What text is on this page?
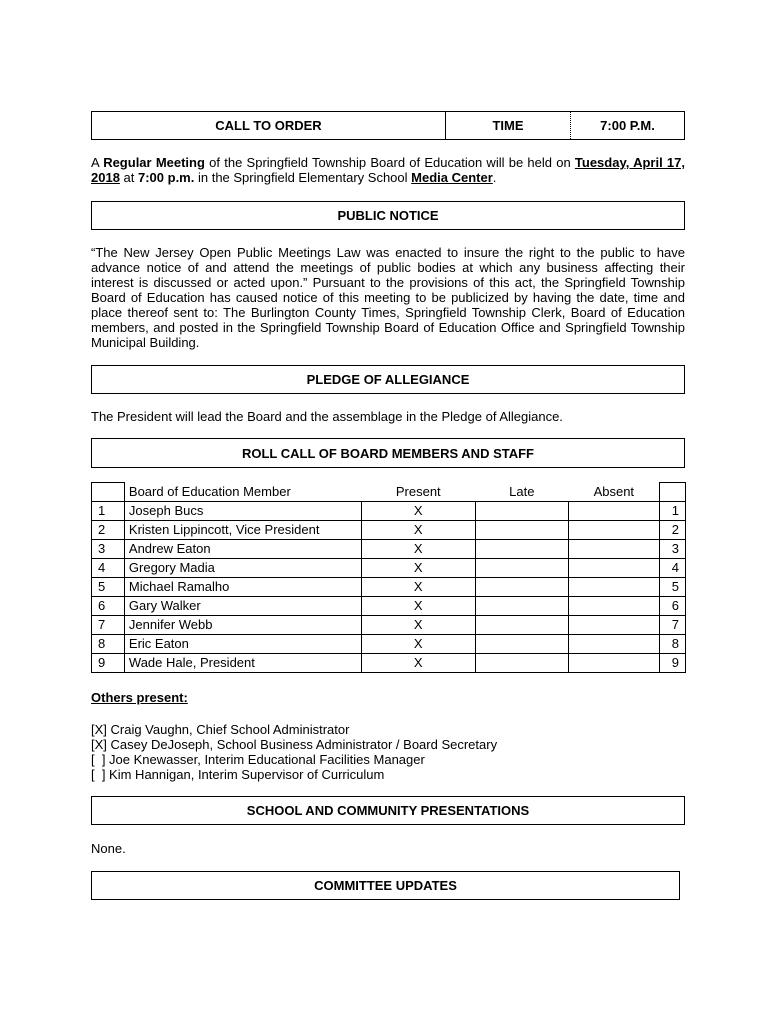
CALL TO ORDER	TIME	7:00 P.M.
A Regular Meeting of the Springfield Township Board of Education will be held on Tuesday, April 17, 2018 at 7:00 p.m. in the Springfield Elementary School Media Center.
PUBLIC NOTICE
“The New Jersey Open Public Meetings Law was enacted to insure the right to the public to have advance notice of and attend the meetings of public bodies at which any business affecting their interest is discussed or acted upon.” Pursuant to the provisions of this act, the Springfield Township Board of Education has caused notice of this meeting to be publicized by having the date, time and place thereof sent to: The Burlington County Times, Springfield Township Clerk, Board of Education members, and posted in the Springfield Township Board of Education Office and Springfield Township Municipal Building.
PLEDGE OF ALLEGIANCE
The President will lead the Board and the assemblage in the Pledge of Allegiance.
ROLL CALL OF BOARD MEMBERS AND STAFF
	Board of Education Member	Present	Late	Absent	
1	Joseph Bucs	X			1
2	Kristen Lippincott, Vice President	X			2
3	Andrew Eaton	X			3
4	Gregory Madia	X			4
5	Michael Ramalho	X			5
6	Gary Walker	X			6
7	Jennifer Webb	X			7
8	Eric Eaton	X			8
9	Wade Hale, President	X			9
Others present:
[X] Craig Vaughn, Chief School Administrator
[X] Casey DeJoseph, School Business Administrator / Board Secretary
[  ] Joe Knewasser, Interim Educational Facilities Manager
[  ] Kim Hannigan, Interim Supervisor of Curriculum
SCHOOL AND COMMUNITY PRESENTATIONS
None.
COMMITTEE UPDATES
